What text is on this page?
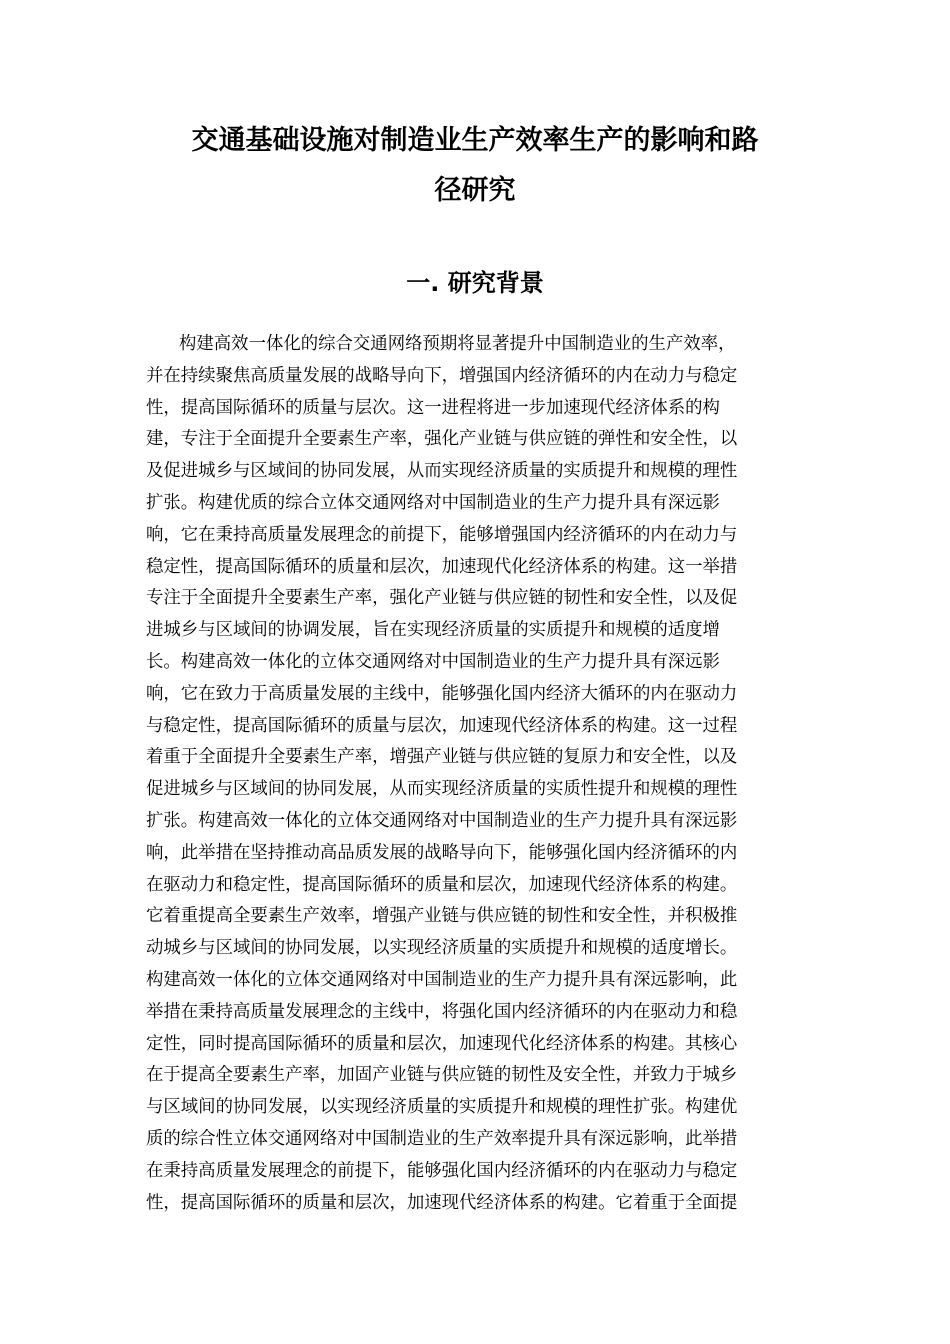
交通基础设施对制造业生产效率生产的影响和路
径研究
一. 研究背景
构建高效一体化的综合交通网络预期将显著提升中国制造业的生产效率，
并在持续聚焦高质量发展的战略导向下，增强国内经济循环的内在动力与稳定
性，提高国际循环的质量与层次。这一进程将进一步加速现代经济体系的构
建，专注于全面提升全要素生产率，强化产业链与供应链的弹性和安全性，以
及促进城乡与区域间的协同发展，从而实现经济质量的实质提升和规模的理性
扩张。构建优质的综合立体交通网络对中国制造业的生产力提升具有深远影
响，它在秉持高质量发展理念的前提下，能够增强国内经济循环的内在动力与
稳定性，提高国际循环的质量和层次，加速现代化经济体系的构建。这一举措
专注于全面提升全要素生产率，强化产业链与供应链的韧性和安全性，以及促
进城乡与区域间的协调发展，旨在实现经济质量的实质提升和规模的适度增
长。构建高效一体化的立体交通网络对中国制造业的生产力提升具有深远影
响，它在致力于高质量发展的主线中，能够强化国内经济大循环的内在驱动力
与稳定性，提高国际循环的质量与层次，加速现代经济体系的构建。这一过程
着重于全面提升全要素生产率，增强产业链与供应链的复原力和安全性，以及
促进城乡与区域间的协同发展，从而实现经济质量的实质性提升和规模的理性
扩张。构建高效一体化的立体交通网络对中国制造业的生产力提升具有深远影
响，此举措在坚持推动高品质发展的战略导向下，能够强化国内经济循环的内
在驱动力和稳定性，提高国际循环的质量和层次，加速现代经济体系的构建。
它着重提高全要素生产效率，增强产业链与供应链的韧性和安全性，并积极推
动城乡与区域间的协同发展，以实现经济质量的实质提升和规模的适度增长。
构建高效一体化的立体交通网络对中国制造业的生产力提升具有深远影响，此
举措在秉持高质量发展理念的主线中，将强化国内经济循环的内在驱动力和稳
定性，同时提高国际循环的质量和层次，加速现代化经济体系的构建。其核心
在于提高全要素生产率，加固产业链与供应链的韧性及安全性，并致力于城乡
与区域间的协同发展，以实现经济质量的实质提升和规模的理性扩张。构建优
质的综合性立体交通网络对中国制造业的生产效率提升具有深远影响，此举措
在秉持高质量发展理念的前提下，能够强化国内经济循环的内在驱动力与稳定
性，提高国际循环的质量和层次，加速现代经济体系的构建。它着重于全面提
